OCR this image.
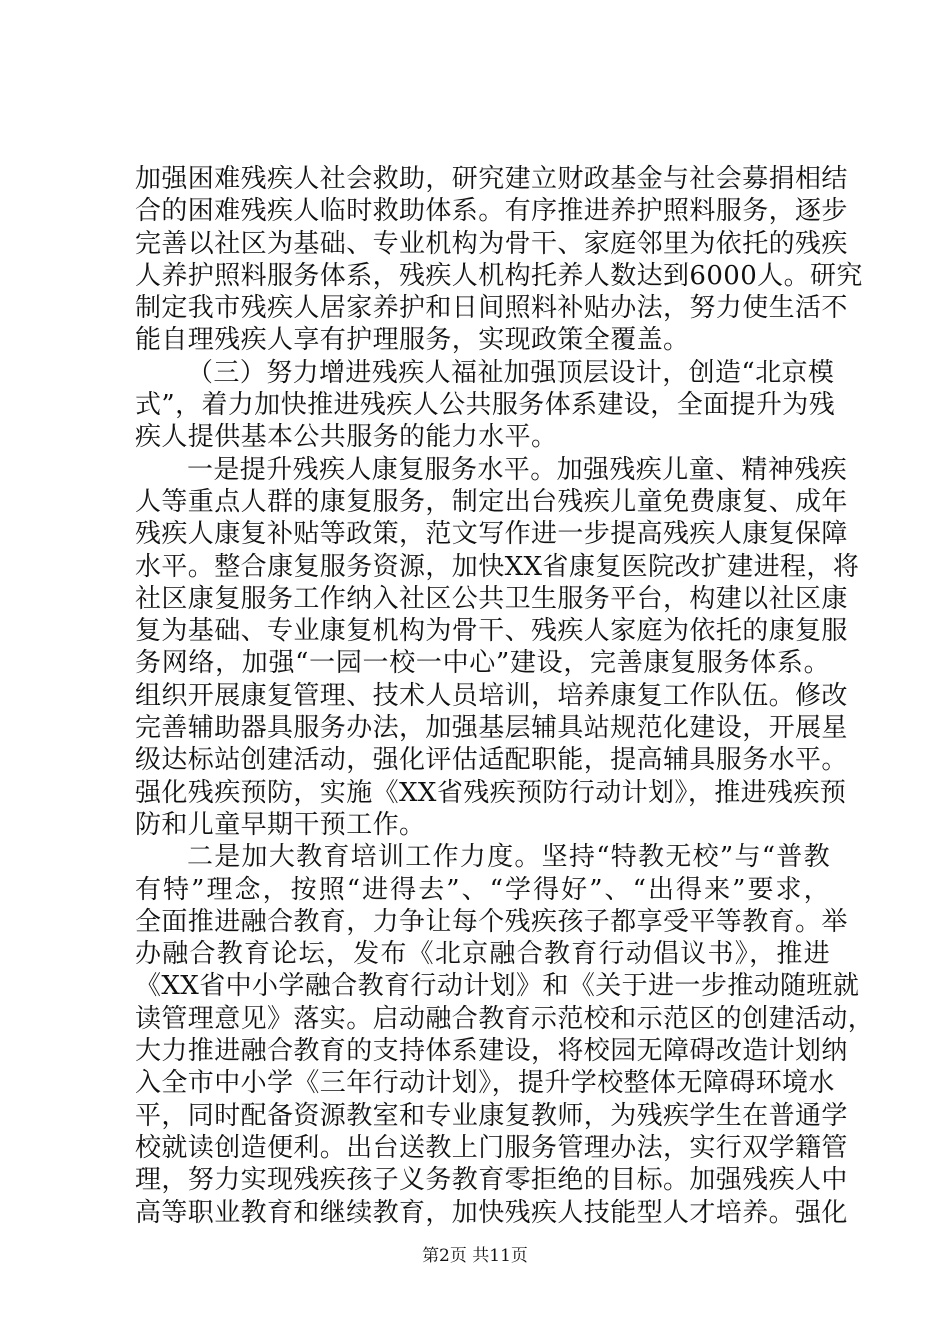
加强困难残疾人社会救助，研究建立财政基金与社会募捐相结
合的困难残疾人临时救助体系。有序推进养护照料服务，逐步
完善以社区为基础、专业机构为骨干、家庭邻里为依托的残疾
人养护照料服务体系，残疾人机构托养人数达到6000人。研究
制定我市残疾人居家养护和日间照料补贴办法，努力使生活不
能自理残疾人享有护理服务，实现政策全覆盖。
（三）努力增进残疾人福祉加强顶层设计，创造“北京模
式”，着力加快推进残疾人公共服务体系建设，全面提升为残
疾人提供基本公共服务的能力水平。
一是提升残疾人康复服务水平。加强残疾儿童、精神残疾
人等重点人群的康复服务，制定出台残疾儿童免费康复、成年
残疾人康复补贴等政策，范文写作进一步提高残疾人康复保障
水平。整合康复服务资源，加快XX省康复医院改扩建进程，将
社区康复服务工作纳入社区公共卫生服务平台，构建以社区康
复为基础、专业康复机构为骨干、残疾人家庭为依托的康复服
务网络，加强“一园一校一中心”建设，完善康复服务体系。
组织开展康复管理、技术人员培训，培养康复工作队伍。修改
完善辅助器具服务办法，加强基层辅具站规范化建设，开展星
级达标站创建活动，强化评估适配职能，提高辅具服务水平。
强化残疾预防，实施《XX省残疾预防行动计划》，推进残疾预
防和儿童早期干预工作。
二是加大教育培训工作力度。坚持“特教无校”与“普教
有特”理念，按照“进得去”、“学得好”、“出得来”要求，
全面推进融合教育，力争让每个残疾孩子都享受平等教育。举
办融合教育论坛，发布《北京融合教育行动倡议书》，推进
《XX省中小学融合教育行动计划》和《关于进一步推动随班就
读管理意见》落实。启动融合教育示范校和示范区的创建活动，
大力推进融合教育的支持体系建设，将校园无障碍改造计划纳
入全市中小学《三年行动计划》，提升学校整体无障碍环境水
平，同时配备资源教室和专业康复教师，为残疾学生在普通学
校就读创造便利。出台送教上门服务管理办法，实行双学籍管
理，努力实现残疾孩子义务教育零拒绝的目标。加强残疾人中
高等职业教育和继续教育，加快残疾人技能型人才培养。强化
第2页 共11页
